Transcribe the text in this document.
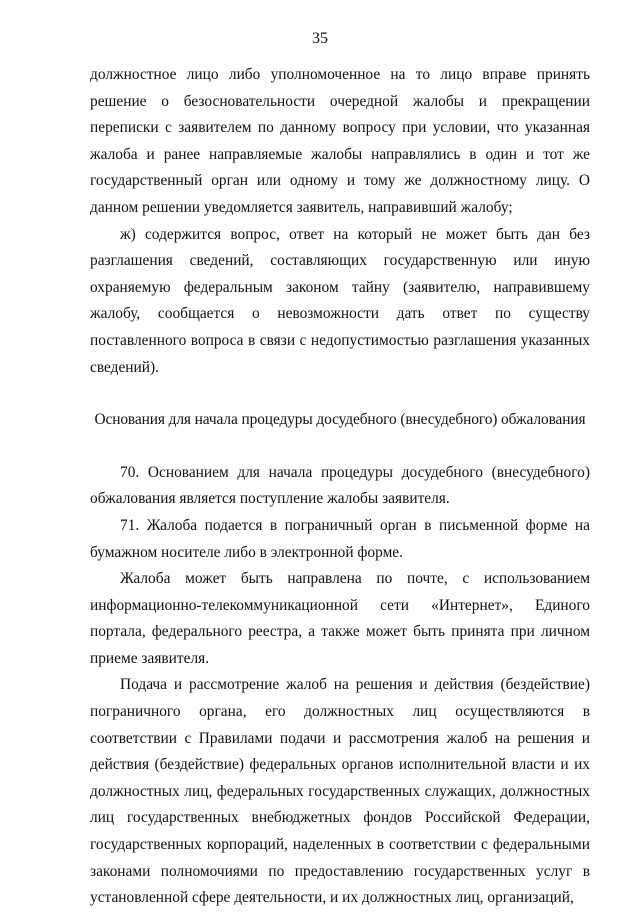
35

должностное лицо либо уполномоченное на то лицо вправе принять решение о безосновательности очередной жалобы и прекращении переписки с заявителем по данному вопросу при условии, что указанная жалоба и ранее направляемые жалобы направлялись в один и тот же государственный орган или одному и тому же должностному лицу. О данном решении уведомляется заявитель, направивший жалобу;

ж) содержится вопрос, ответ на который не может быть дан без разглашения сведений, составляющих государственную или иную охраняемую федеральным законом тайну (заявителю, направившему жалобу, сообщается о невозможности дать ответ по существу поставленного вопроса в связи с недопустимостью разглашения указанных сведений).

Основания для начала процедуры досудебного (внесудебного) обжалования

70. Основанием для начала процедуры досудебного (внесудебного) обжалования является поступление жалобы заявителя.

71. Жалоба подается в пограничный орган в письменной форме на бумажном носителе либо в электронной форме.

Жалоба может быть направлена по почте, с использованием информационно-телекоммуникационной сети «Интернет», Единого портала, федерального реестра, а также может быть принята при личном приеме заявителя.

Подача и рассмотрение жалоб на решения и действия (бездействие) пограничного органа, его должностных лиц осуществляются в соответствии с Правилами подачи и рассмотрения жалоб на решения и действия (бездействие) федеральных органов исполнительной власти и их должностных лиц, федеральных государственных служащих, должностных лиц государственных внебюджетных фондов Российской Федерации, государственных корпораций, наделенных в соответствии с федеральными законами полномочиями по предоставлению государственных услуг в установленной сфере деятельности, и их должностных лиц, организаций,
